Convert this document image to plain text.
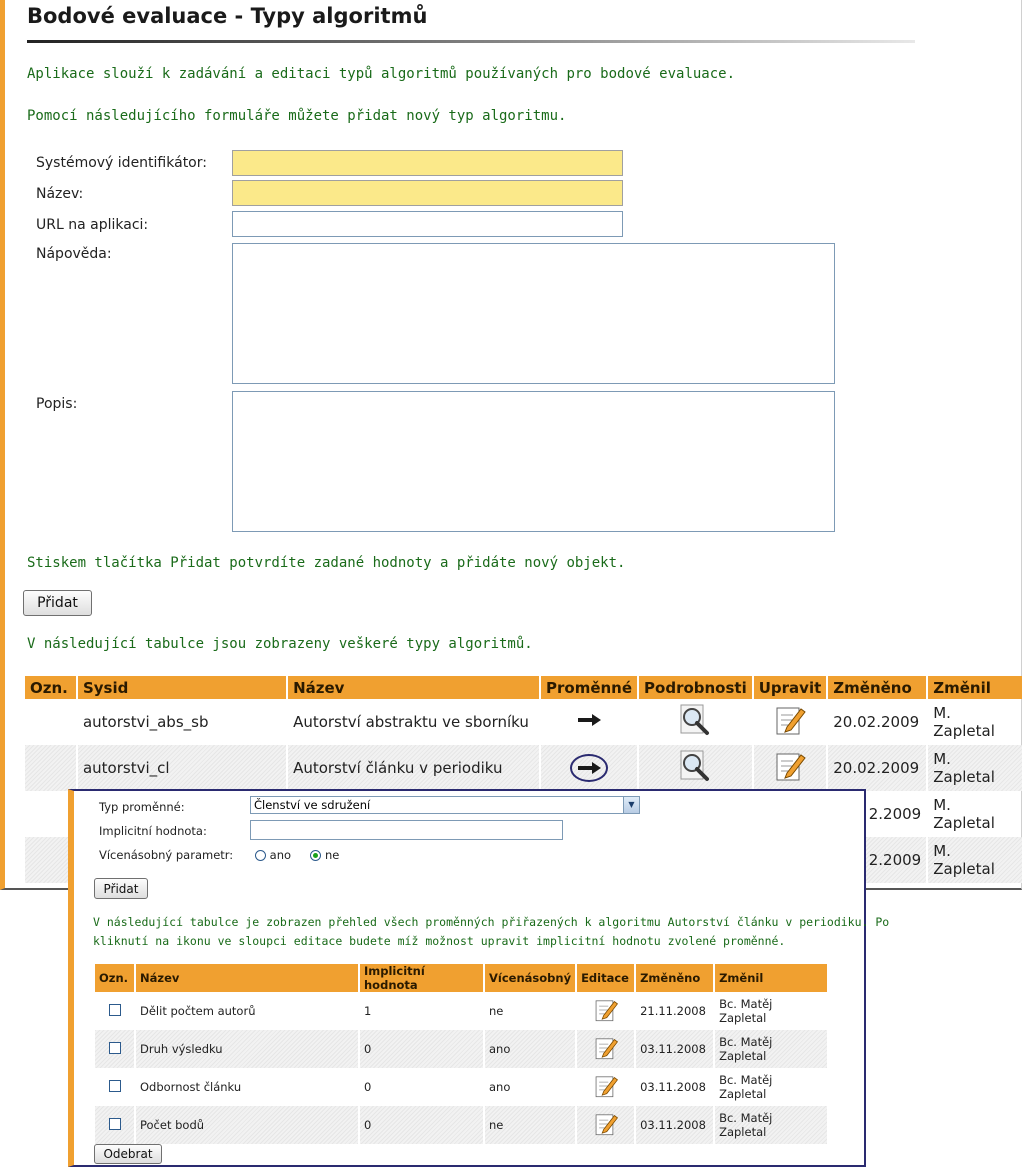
Bodové evaluace - Typy algoritmů
Aplikace slouží k zadávání a editaci typů algoritmů používaných pro bodové evaluace.
Pomocí následujícího formuláře můžete přidat nový typ algoritmu.
Systémový identifikátor:
Název:
URL na aplikaci:
Nápověda:
Popis:
Stiskem tlačítka Přidat potvrdíte zadané hodnoty a přidáte nový objekt.
Přidat
V následující tabulce jsou zobrazeny veškeré typy algoritmů.
Ozn.	Sysid	Název	Proměnné	Podrobnosti	Upravit	Změněno	Změnil
	autorstvi_abs_sb	Autorství abstraktu ve sborníku				20.02.2009	M. Zapletal
	autorstvi_cl	Autorství článku v periodiku				20.02.2009	M. Zapletal
						2.2009	M. Zapletal
						2.2009	M. Zapletal
Typ proměnné:	Členství ve sdružení	▼
Implicitní hodnota:
Vícenásobný parametr:	ano	ne
Přidat
V následující tabulce je zobrazen přehled všech proměnných přiřazených k algoritmu Autorství článku v periodiku. Po
kliknutí na ikonu ve sloupci editace budete míž možnost upravit implicitní hodnotu zvolené proměnné.
Ozn.	Název	Implicitní hodnota	Vícenásobný	Editace	Změněno	Změnil
	Dělit počtem autorů	1	ne		21.11.2008	Bc. Matěj Zapletal
	Druh výsledku	0	ano		03.11.2008	Bc. Matěj Zapletal
	Odbornost článku	0	ano		03.11.2008	Bc. Matěj Zapletal
	Počet bodů	0	ne		03.11.2008	Bc. Matěj Zapletal
Odebrat
